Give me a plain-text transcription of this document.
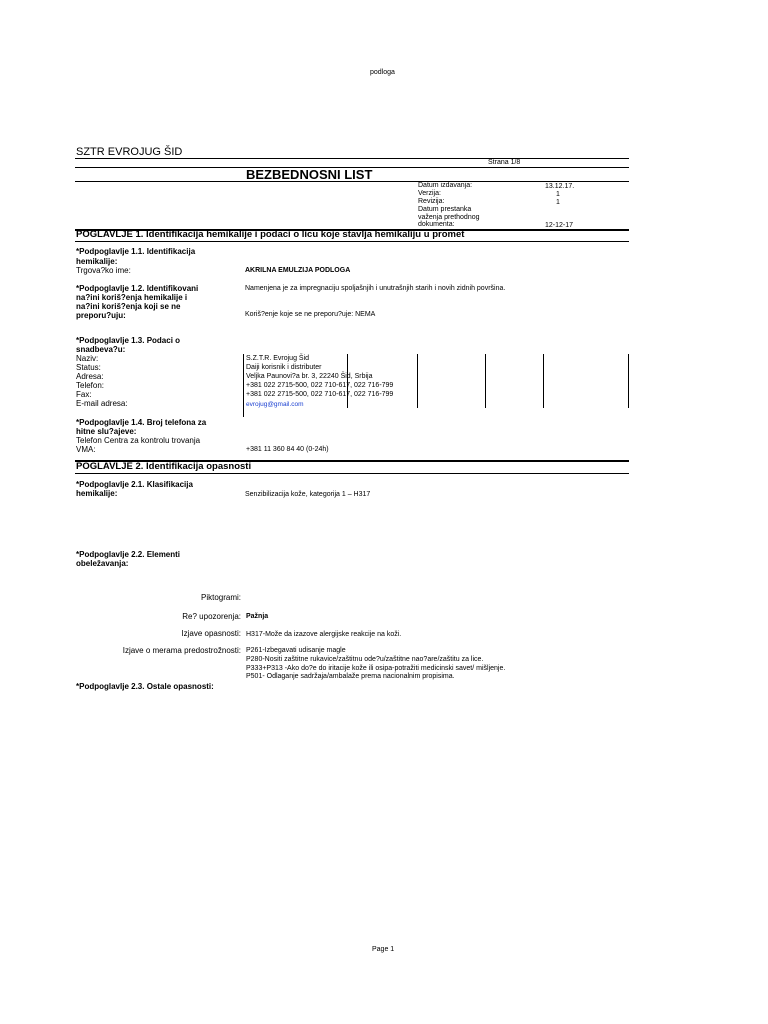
podloga
SZTR EVROJUG ŠID
Strana 1/8
BEZBEDNOSNI LIST
Datum izdavanja:	13.12.17.
Verzija:	1
Revizija:	1
Datum prestanka
važenja prethodnog
dokumenta:	12-12-17
POGLAVLJE 1. Identifikacija hemikalije i podaci o licu koje stavlja hemikaliju u promet
*Podpoglavlje 1.1. Identifikacija
hemikalije:
Trgova?ko ime:	AKRILNA EMULZIJA PODLOGA
*Podpoglavlje 1.2. Identifikovani
na?ini koriš?enja hemikalije i
na?ini koriš?enja koji se ne
preporu?uju:
Namenjena je za impregnaciju spoljašnjih i unutrašnjih starih i novih zidnih površina.
Koriš?enje koje se ne preporu?uje: NEMA
*Podpoglavlje 1.3. Podaci o
snadbeva?u:
Naziv:	S.Z.T.R. Evrojug Šid
Status:	Daiji korisnik i distributer
Adresa:	Veljka Paunovi?a br. 3, 22240 Šid, Srbija
Telefon:	+381 022 2715-500, 022 710-617, 022 716-799
Fax:	+381 022 2715-500, 022 710-617, 022 716-799
E-mail adresa:	evrojug@gmail.com
*Podpoglavlje 1.4. Broj telefona za
hitne slu?ajeve:
Telefon Centra za kontrolu trovanja
VMA:	+381 11 360 84 40 (0-24h)
POGLAVLJE 2. Identifikacija opasnosti
*Podpoglavlje 2.1. Klasifikacija
hemikalije:	Senzibilizacija kože, kategorija 1 – H317
*Podpoglavlje 2.2. Elementi
obeležavanja:
Piktogrami:
Re? upozorenja: Pažnja
Izjave opasnosti: H317-Može da izazove alergijske reakcije na koži.
Izjave o merama predostrožnosti: P261-Izbegavati udisanje magle
P280-Nositi zaštitne rukavice/zaštitnu ode?u/zaštitne nao?are/zaštitu za lice.
P333+P313 -Ako do?e do iritacije kože ili osipa-potražiti medicinski savet/ mišljenje.
P501- Odlaganje sadržaja/ambalaže prema nacionalnim propisima.
*Podpoglavlje 2.3. Ostale opasnosti:
Page 1
